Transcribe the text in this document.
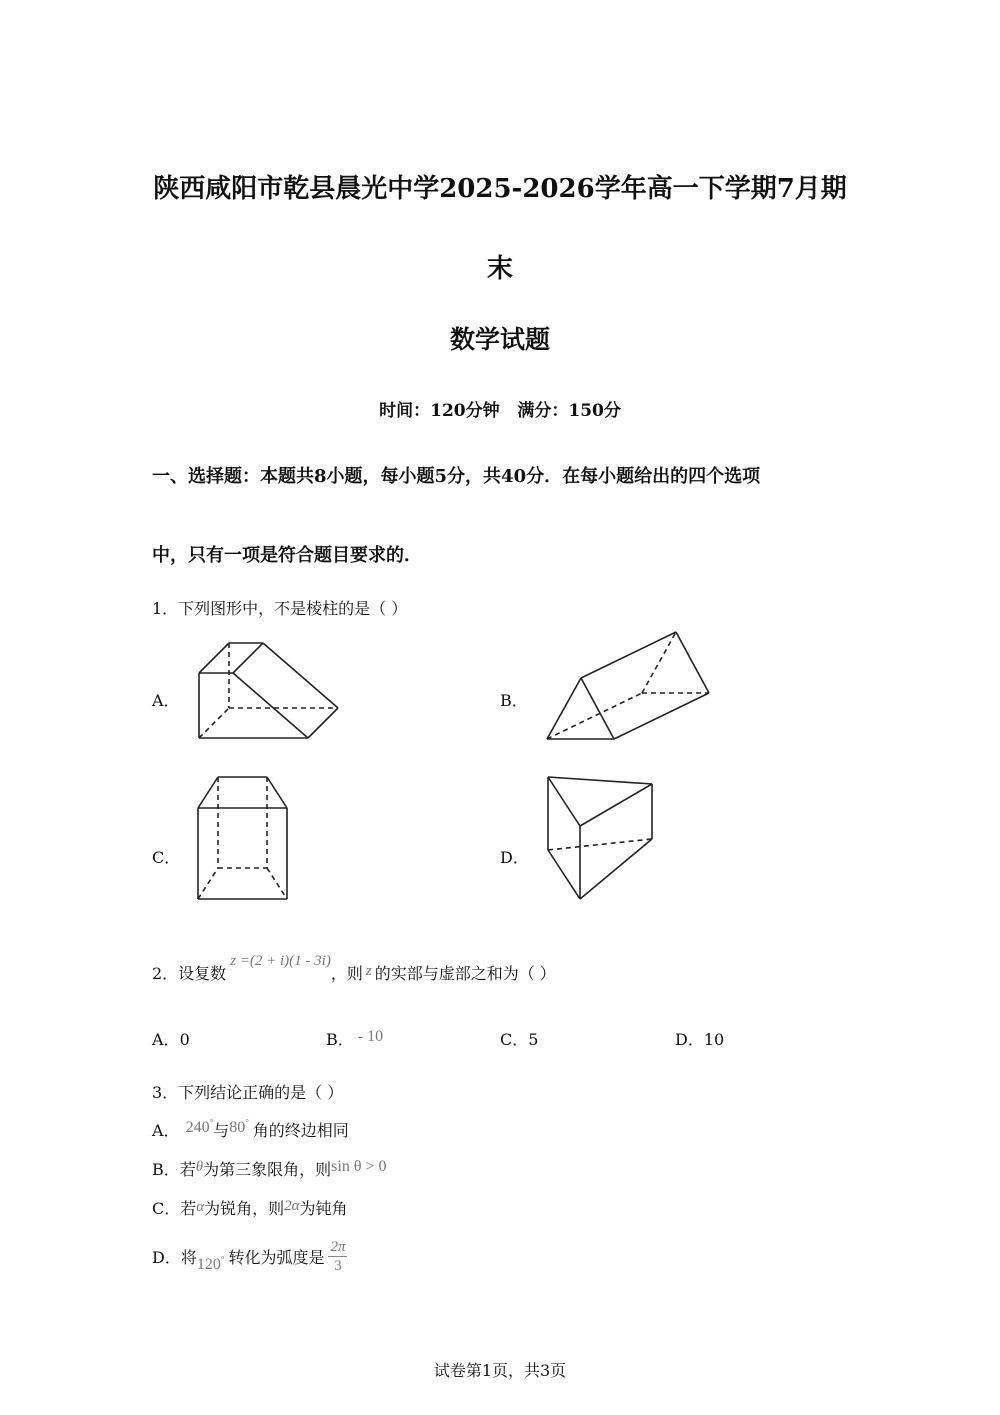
陕西咸阳市乾县晨光中学2025-2026学年高一下学期7月期
末
数学试题
时间：120分钟   满分：150分
一、选择题：本题共8小题，每小题5分，共40分．在每小题给出的四个选项
中，只有一项是符合题目要求的．
1．下列图形中，不是棱柱的是（ ）
A．	B．
C．	D．
2．设复数z =(2 + i)(1 - 3i)，则 z 的实部与虚部之和为（ ）
A．0	B． - 10	C．5	D．10
3．下列结论正确的是（ ）
A． 240°与80° 角的终边相同
B．若θ为第三象限角，则sin θ > 0
C．若α为锐角，则2α为钝角
D．将120° 转化为弧度是 $\frac{2\pi}{3}$
试卷第1页，共3页
